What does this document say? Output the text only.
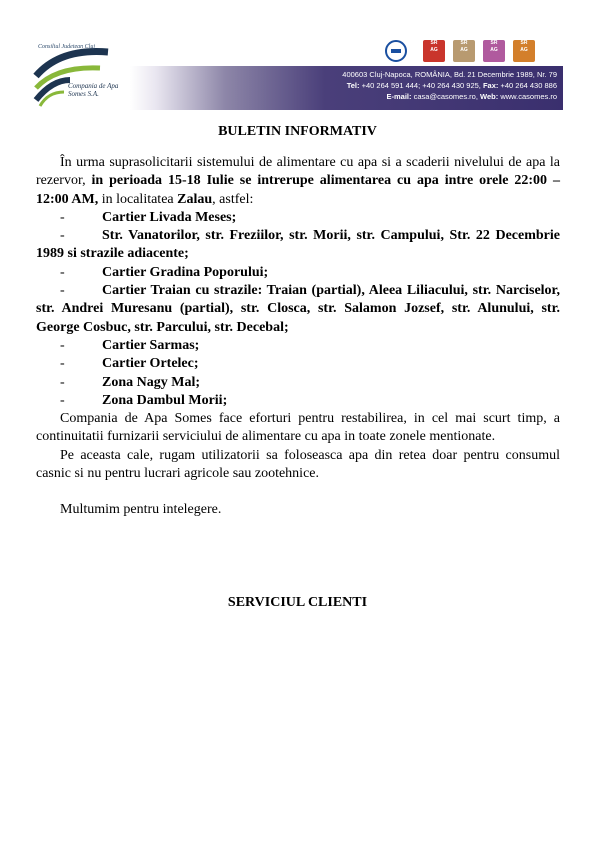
Consiliul Judetean Cluj
Compania de Apa Somes S.A.
SR
AG
SR
AG
SR
AG
SR
AG
400603 Cluj-Napoca, ROMÂNIA, Bd. 21 Decembrie 1989, Nr. 79
Tel: +40 264 591 444; +40 264 430 925, Fax: +40 264 430 886
E-mail: casa@casomes.ro, Web: www.casomes.ro
BULETIN INFORMATIV

În urma suprasolicitarii sistemului de alimentare cu apa si a scaderii nivelului de apa la rezervor, in perioada 15-18 Iulie se intrerupe alimentarea cu apa intre orele 22:00 – 12:00 AM, in localitatea Zalau, astfel:

-	Cartier Livada Meses;

-	Str. Vanatorilor, str. Freziilor, str. Morii, str. Campului, Str. 22 Decembrie 1989 si strazile adiacente;

-	Cartier Gradina Poporului;

-	Cartier Traian cu strazile: Traian (partial), Aleea Liliacului, str. Narciselor, str. Andrei Muresanu (partial), str. Closca, str. Salamon Jozsef, str. Alunului, str. George Cosbuc, str. Parcului, str. Decebal;

-	Cartier Sarmas;

-	Cartier Ortelec;

-	Zona Nagy Mal;

-	Zona Dambul Morii;

Compania de Apa Somes face eforturi pentru restabilirea, in cel mai scurt timp, a continuitatii furnizarii serviciului de alimentare cu apa in toate zonele mentionate.

Pe aceasta cale, rugam utilizatorii sa foloseasca apa din retea doar pentru consumul casnic si nu pentru lucrari agricole sau zootehnice.

Multumim pentru intelegere.

SERVICIUL CLIENTI
